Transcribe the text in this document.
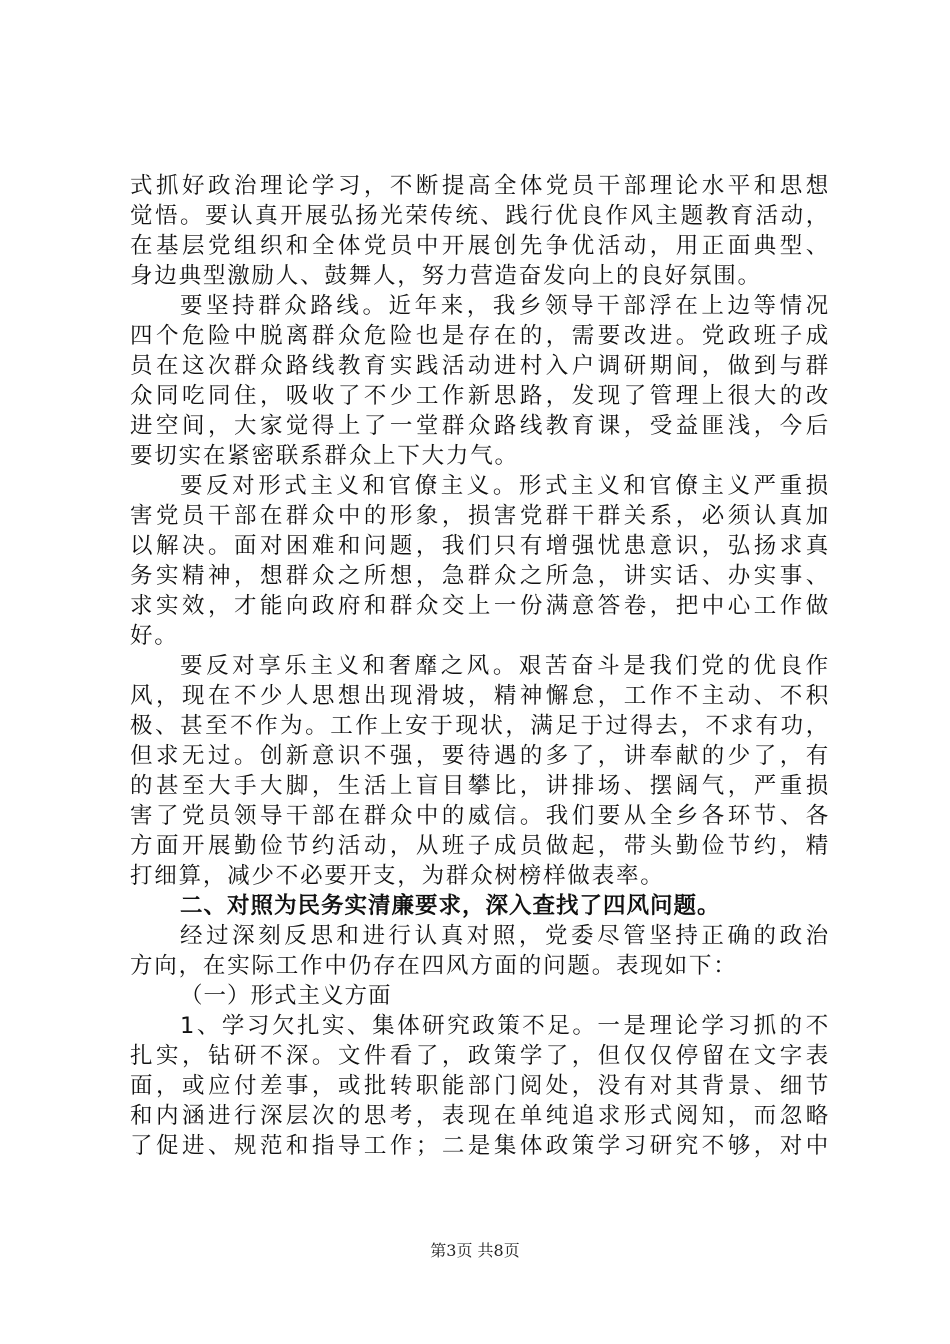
式抓好政治理论学习，不断提高全体党员干部理论水平和思想
觉悟。要认真开展弘扬光荣传统、践行优良作风主题教育活动，
在基层党组织和全体党员中开展创先争优活动，用正面典型、
身边典型激励人、鼓舞人，努力营造奋发向上的良好氛围。
要坚持群众路线。近年来，我乡领导干部浮在上边等情况
四个危险中脱离群众危险也是存在的，需要改进。党政班子成
员在这次群众路线教育实践活动进村入户调研期间，做到与群
众同吃同住，吸收了不少工作新思路，发现了管理上很大的改
进空间，大家觉得上了一堂群众路线教育课，受益匪浅，今后
要切实在紧密联系群众上下大力气。
要反对形式主义和官僚主义。形式主义和官僚主义严重损
害党员干部在群众中的形象，损害党群干群关系，必须认真加
以解决。面对困难和问题，我们只有增强忧患意识，弘扬求真
务实精神，想群众之所想，急群众之所急，讲实话、办实事、
求实效，才能向政府和群众交上一份满意答卷，把中心工作做
好。
要反对享乐主义和奢靡之风。艰苦奋斗是我们党的优良作
风，现在不少人思想出现滑坡，精神懈怠，工作不主动、不积
极、甚至不作为。工作上安于现状，满足于过得去，不求有功，
但求无过。创新意识不强，要待遇的多了，讲奉献的少了，有
的甚至大手大脚，生活上盲目攀比，讲排场、摆阔气，严重损
害了党员领导干部在群众中的威信。我们要从全乡各环节、各
方面开展勤俭节约活动，从班子成员做起，带头勤俭节约，精
打细算，减少不必要开支，为群众树榜样做表率。
二、对照为民务实清廉要求，深入查找了四风问题。
经过深刻反思和进行认真对照，党委尽管坚持正确的政治
方向，在实际工作中仍存在四风方面的问题。表现如下：
（一）形式主义方面
1、学习欠扎实、集体研究政策不足。一是理论学习抓的不
扎实，钻研不深。文件看了，政策学了，但仅仅停留在文字表
面，或应付差事，或批转职能部门阅处，没有对其背景、细节
和内涵进行深层次的思考，表现在单纯追求形式阅知，而忽略
了促进、规范和指导工作；二是集体政策学习研究不够，对中
第3页 共8页
